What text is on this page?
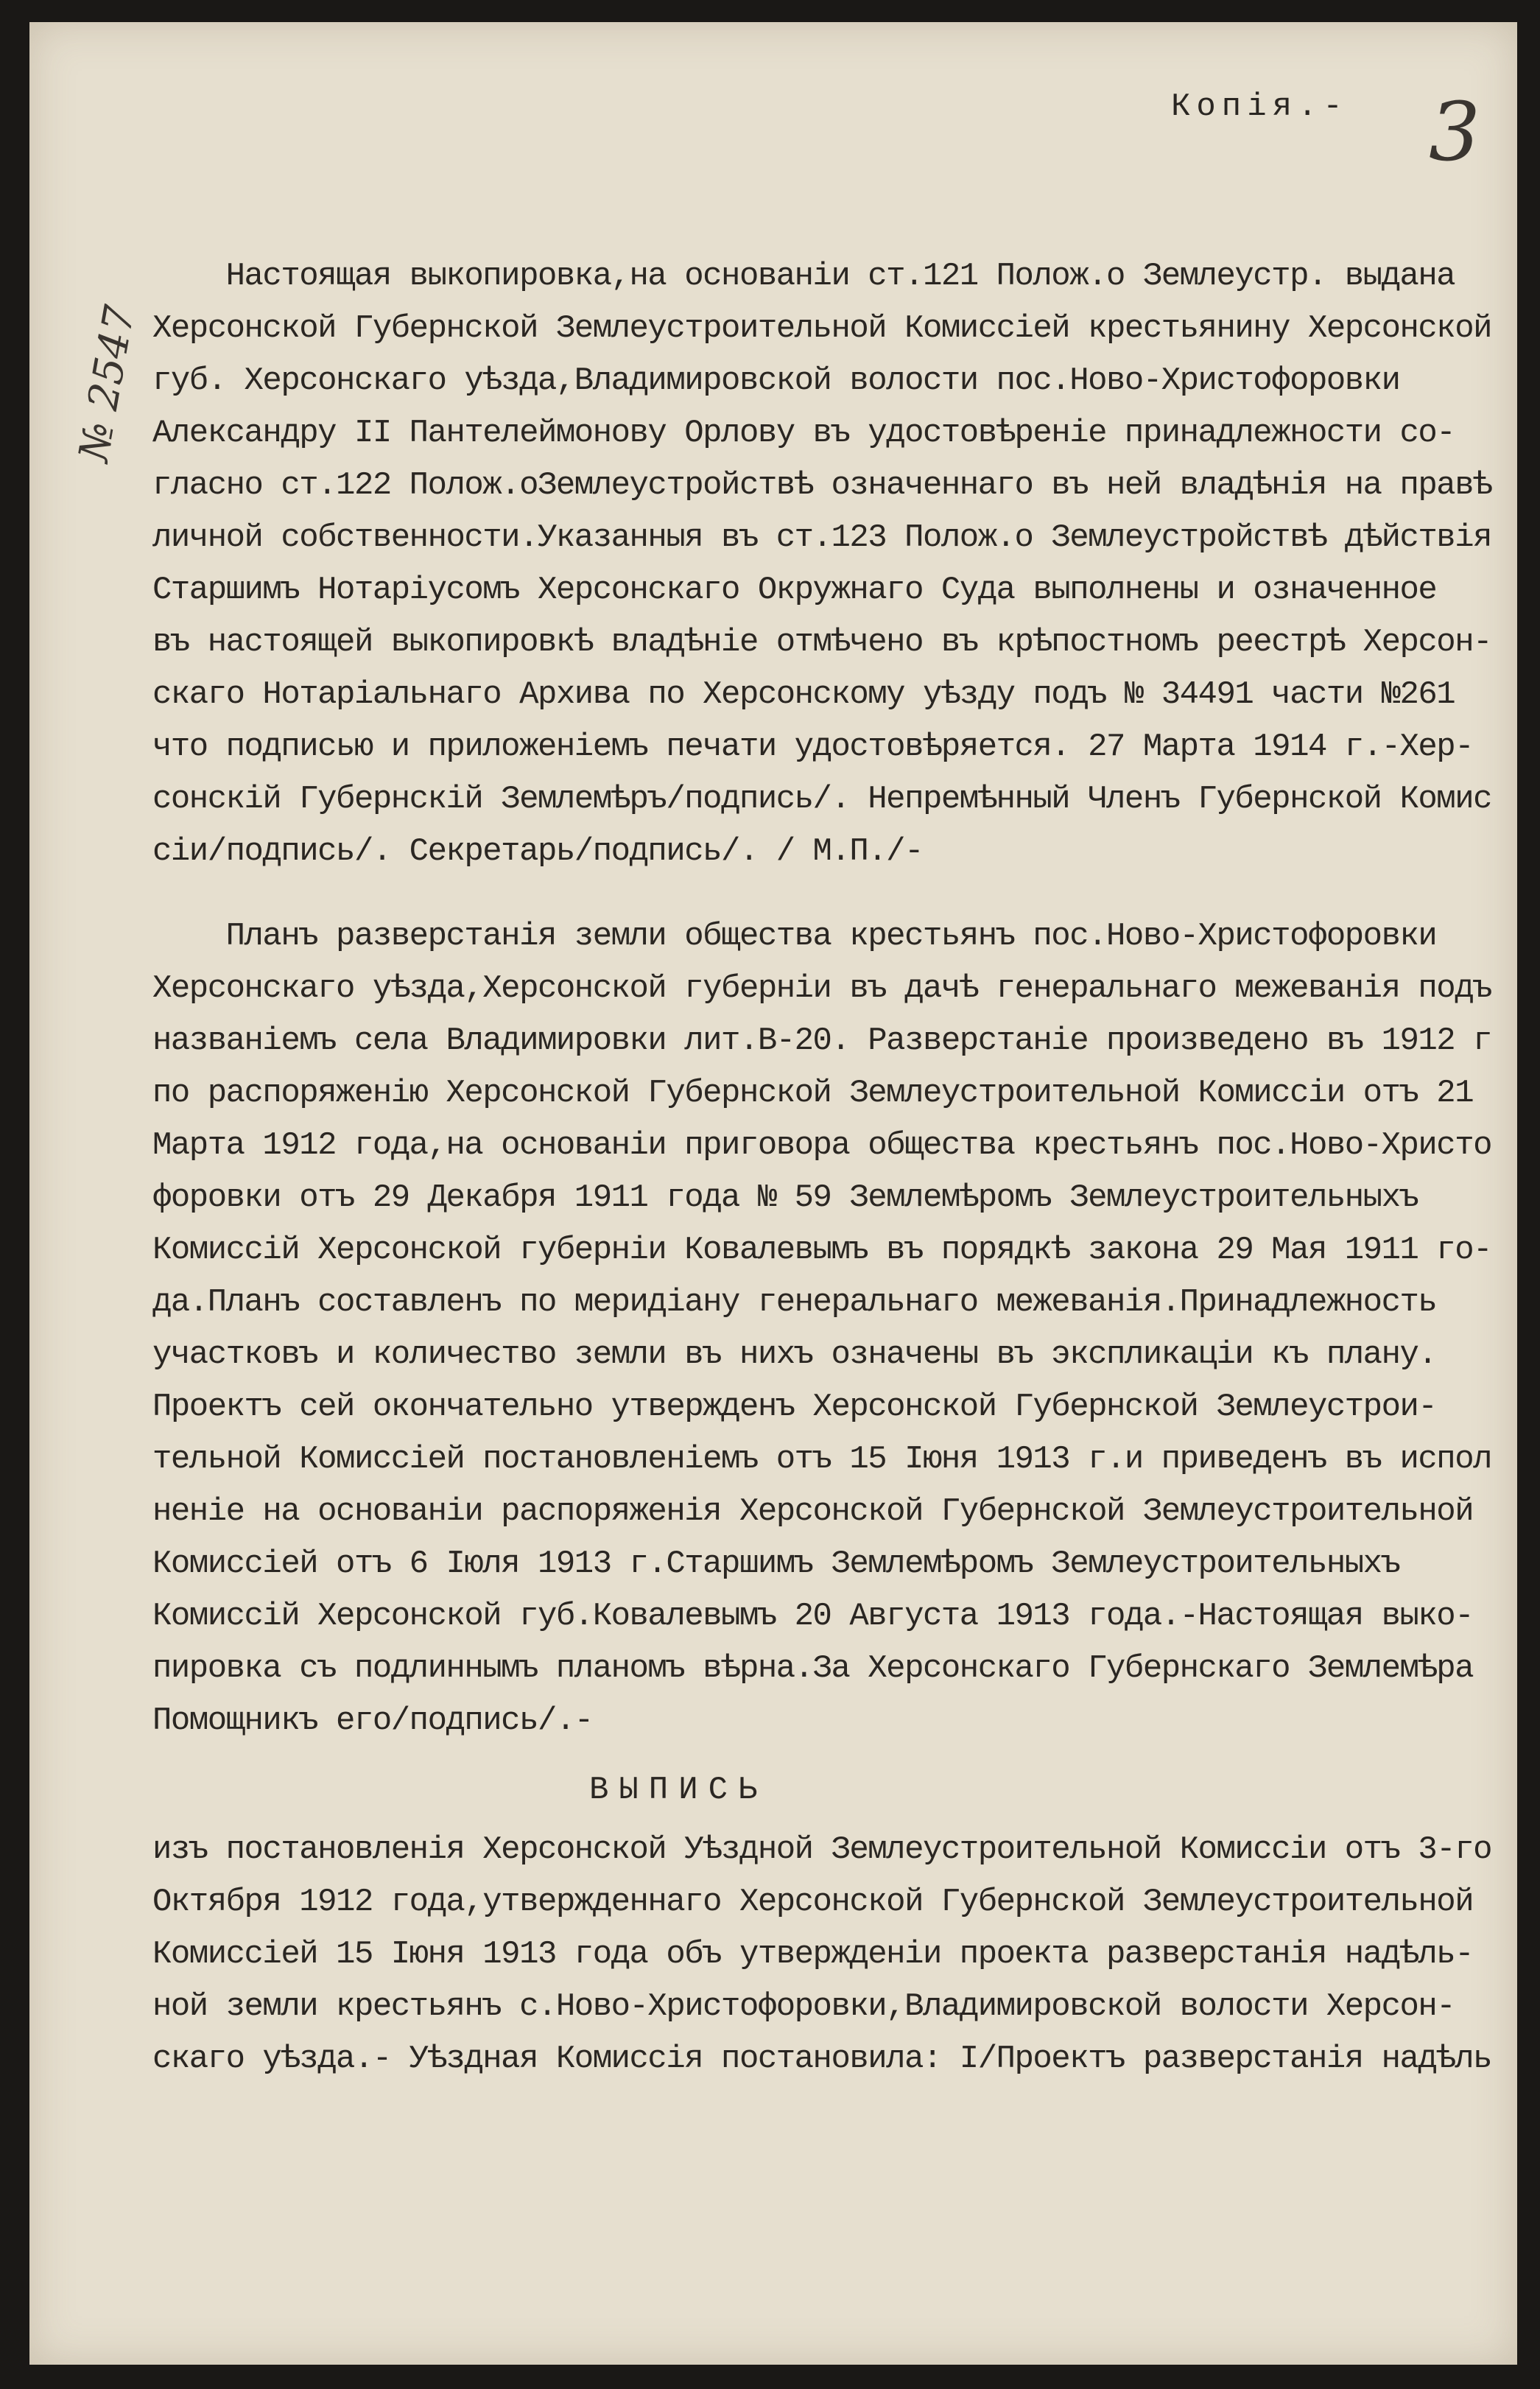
Копія.- 3
№ 2547
Настоящая выкопировка,на основанiи ст.121 Полож.о Землеустр. выдана
Херсонской Губернской Землеустроительной Комиссiей крестьянину Херсонской
губ. Херсонскаго уѣзда,Владимировской волости пос.Ново-Христофоровки
Александру II Пантелеймонову Орлову въ удостовѣренiе принадлежности со-
гласно ст.122 Полож.оЗемлеустройствѣ означеннаго въ ней владѣнiя на правѣ
личной собственности.Указанныя въ ст.123 Полож.о Землеустройствѣ дѣйствiя
Старшимъ Нотарiусомъ Херсонскаго Окружнаго Суда выполнены и означенное
въ настоящей выкопировкѣ владѣнiе отмѣчено въ крѣпостномъ реестрѣ Херсон-
скаго Нотарiальнаго Архива по Херсонскому уѣзду подъ № 34491 части №261
что подписью и приложенiемъ печати удостовѣряется. 27 Марта 1914 г.-Хер-
сонскiй Губернскiй Землемѣръ/подпись/. Непремѣнный Членъ Губернской Комис
сiи/подпись/. Секретарь/подпись/. / М.П./-
Планъ разверстанiя земли общества крестьянъ пос.Ново-Христофоровки
Херсонскаго уѣзда,Херсонской губернiи въ дачѣ генеральнаго межеванiя подъ
названiемъ села Владимировки лит.В-20. Разверстанiе произведено въ 1912 г
по распоряженiю Херсонской Губернской Землеустроительной Комиссiи отъ 21
Марта 1912 года,на основанiи приговора общества крестьянъ пос.Ново-Христо
форовки отъ 29 Декабря 1911 года № 59 Землемѣромъ Землеустроительныхъ
Комиссiй Херсонской губернiи Ковалевымъ въ порядкѣ закона 29 Мая 1911 го-
да.Планъ составленъ по меридiану генеральнаго межеванiя.Принадлежность
участковъ и количество земли въ нихъ означены въ экспликацiи къ плану.
Проектъ сей окончательно утвержденъ Херсонской Губернской Землеустрои-
тельной Комиссiей постановленiемъ отъ 15 Iюня 1913 г.и приведенъ въ испол
ненiе на основанiи распоряженiя Херсонской Губернской Землеустроительной
Комиссiей отъ 6 Iюля 1913 г.Старшимъ Землемѣромъ Землеустроительныхъ
Комиссiй Херсонской губ.Ковалевымъ 20 Августа 1913 года.-Настоящая выко-
пировка съ подлиннымъ планомъ вѣрна.За Херсонскаго Губернскаго Землемѣра
Помощникъ его/подпись/.-
ВЫПИСЬ
изъ постановленiя Херсонской Уѣздной Землеустроительной Комиссiи отъ 3-го
Октября 1912 года,утвержденнаго Херсонской Губернской Землеустроительной
Комиссiей 15 Iюня 1913 года объ утвержденiи проекта разверстанiя надѣль-
ной земли крестьянъ с.Ново-Христофоровки,Владимировской волости Херсон-
скаго уѣзда.- Уѣздная Комиссiя постановила: I/Проектъ разверстанiя надѣль
